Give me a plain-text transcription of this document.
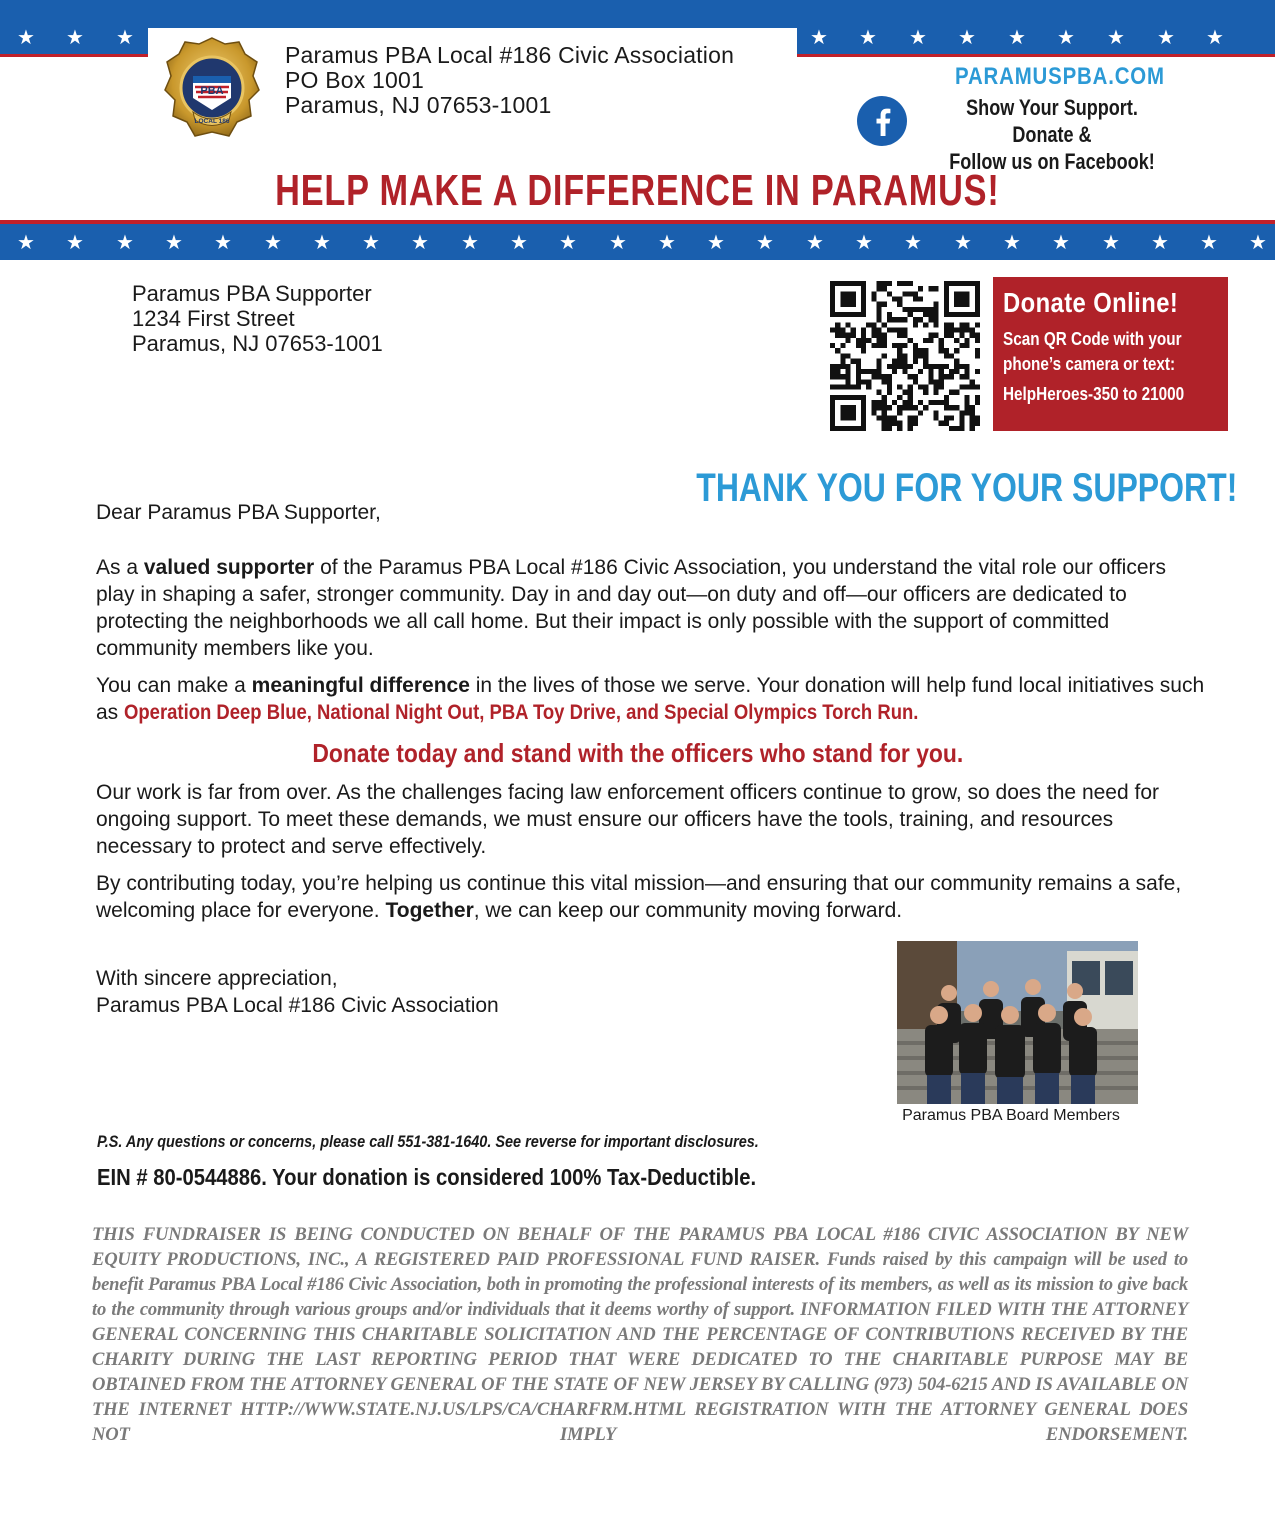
★ ★ ★	★ ★ ★ ★ ★ ★ ★ ★ ★
PBA
LOCAL 186
Paramus PBA Local #186 Civic Association
PO Box 1001
Paramus, NJ 07653-1001
PARAMUSPBA.COM
Show Your Support. Donate &
Follow us on Facebook!
HELP MAKE A DIFFERENCE IN PARAMUS!
★ ★ ★ ★ ★ ★ ★ ★ ★ ★ ★ ★ ★ ★ ★ ★ ★ ★ ★ ★ ★ ★ ★ ★ ★ ★
Paramus PBA Supporter
1234 First Street
Paramus, NJ 07653-1001
Donate Online!
Scan QR Code with your
phone’s camera or text:
HelpHeroes-350 to 21000
THANK YOU FOR YOUR SUPPORT!
Dear Paramus PBA Supporter,

As a valued supporter of the Paramus PBA Local #186 Civic Association, you understand the vital role our officers play in shaping a safer, stronger community. Day in and day out—on duty and off—our officers are dedicated to protecting the neighborhoods we all call home. But their impact is only possible with the support of committed community members like you.

You can make a meaningful difference in the lives of those we serve. Your donation will help fund local initiatives such as Operation Deep Blue, National Night Out, PBA Toy Drive, and Special Olympics Torch Run.

Donate today and stand with the officers who stand for you.
Our work is far from over. As the challenges facing law enforcement officers continue to grow, so does the need for ongoing support. To meet these demands, we must ensure our officers have the tools, training, and resources necessary to protect and serve effectively.

By contributing today, you’re helping us continue this vital mission—and ensuring that our community remains a safe, welcoming place for everyone. Together, we can keep our community moving forward.

With sincere appreciation,
Paramus PBA Local #186 Civic Association
Paramus PBA Board Members
P.S. Any questions or concerns, please call 551-381-1640. See reverse for important disclosures.
EIN # 80-0544886. Your donation is considered 100% Tax-Deductible.
THIS FUNDRAISER IS BEING CONDUCTED ON BEHALF OF THE PARAMUS PBA LOCAL #186 CIVIC ASSOCIATION BY NEW EQUITY PRODUCTIONS, INC., A REGISTERED PAID PROFESSIONAL FUND RAISER. Funds raised by this campaign will be used to benefit Paramus PBA Local #186 Civic Association, both in promoting the professional interests of its members, as well as its mission to give back to the community through various groups and/or individuals that it deems worthy of support. INFORMATION FILED WITH THE ATTORNEY GENERAL CONCERNING THIS CHARITABLE SOLICITATION AND THE PERCENTAGE OF CONTRIBUTIONS RECEIVED BY THE CHARITY DURING THE LAST REPORTING PERIOD THAT WERE DEDICATED TO THE CHARITABLE PURPOSE MAY BE OBTAINED FROM THE ATTORNEY GENERAL OF THE STATE OF NEW JERSEY BY CALLING (973) 504-6215 AND IS AVAILABLE ON THE INTERNET HTTP://WWW.STATE.NJ.US/LPS/CA/CHARFRM.HTML REGISTRATION WITH THE ATTORNEY GENERAL DOES NOT IMPLY ENDORSEMENT.
